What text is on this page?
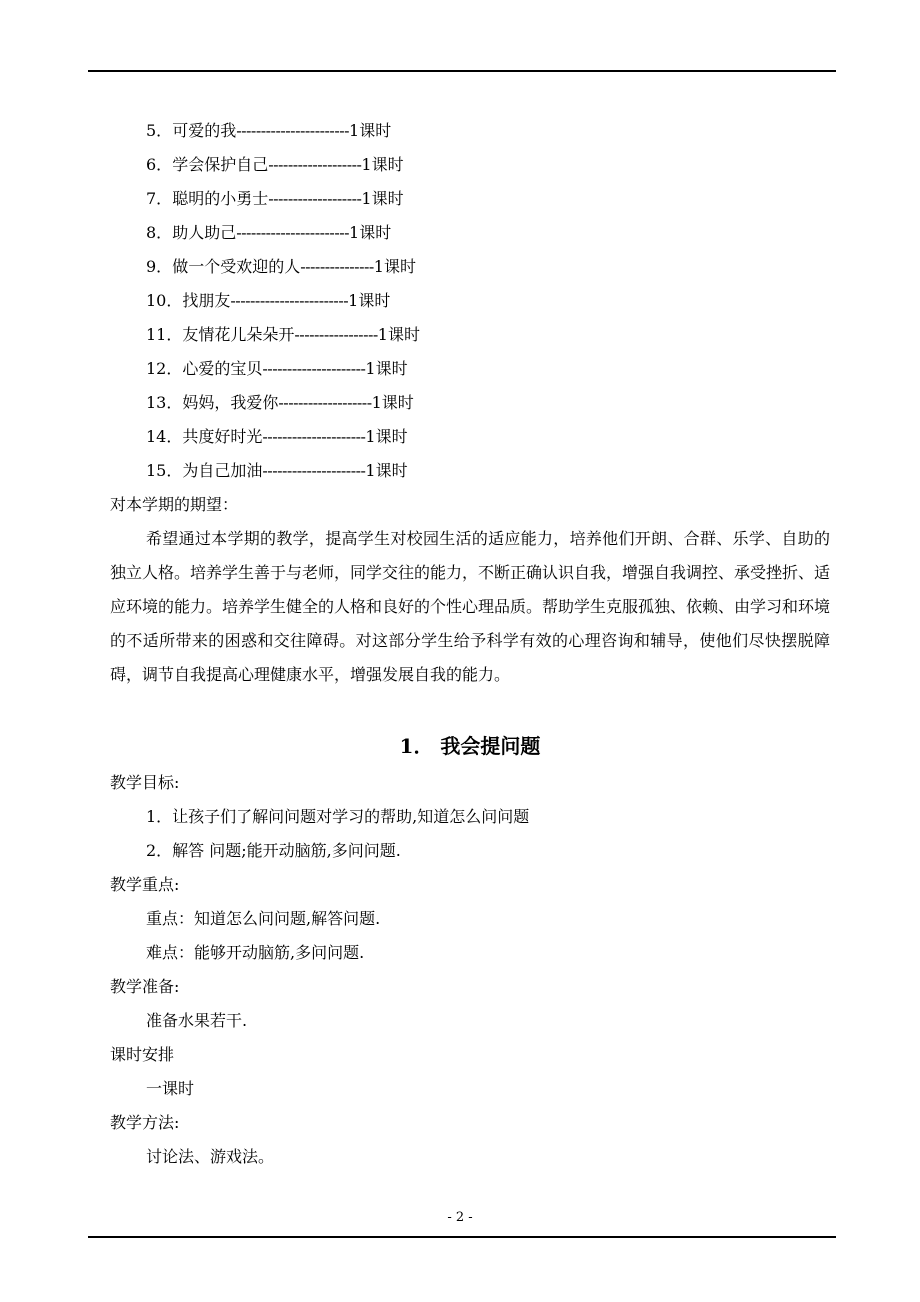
5．可爱的我-----------------------1课时
6．学会保护自己-------------------1课时
7．聪明的小勇士-------------------1课时
8．助人助己-----------------------1课时
9．做一个受欢迎的人---------------1课时
10．找朋友------------------------1课时
11．友情花儿朵朵开-----------------1课时
12．心爱的宝贝---------------------1课时
13．妈妈，我爱你-------------------1课时
14．共度好时光---------------------1课时
15．为自己加油---------------------1课时
对本学期的期望：

希望通过本学期的教学，提高学生对校园生活的适应能力，培养他们开朗、合群、乐学、自助的独立人格。培养学生善于与老师，同学交往的能力，不断正确认识自我，增强自我调控、承受挫折、适应环境的能力。培养学生健全的人格和良好的个性心理品质。帮助学生克服孤独、依赖、由学习和环境的不适所带来的困惑和交往障碍。对这部分学生给予科学有效的心理咨询和辅导，使他们尽快摆脱障碍，调节自我提高心理健康水平，增强发展自我的能力。

1． 我会提问题
教学目标:
1．让孩子们了解问问题对学习的帮助,知道怎么问问题
2．解答 问题;能开动脑筋,多问问题.
教学重点:
重点：知道怎么问问题,解答问题.
难点：能够开动脑筋,多问问题.
教学准备:
准备水果若干.
课时安排
一课时
教学方法:
讨论法、游戏法。
- 2 -
